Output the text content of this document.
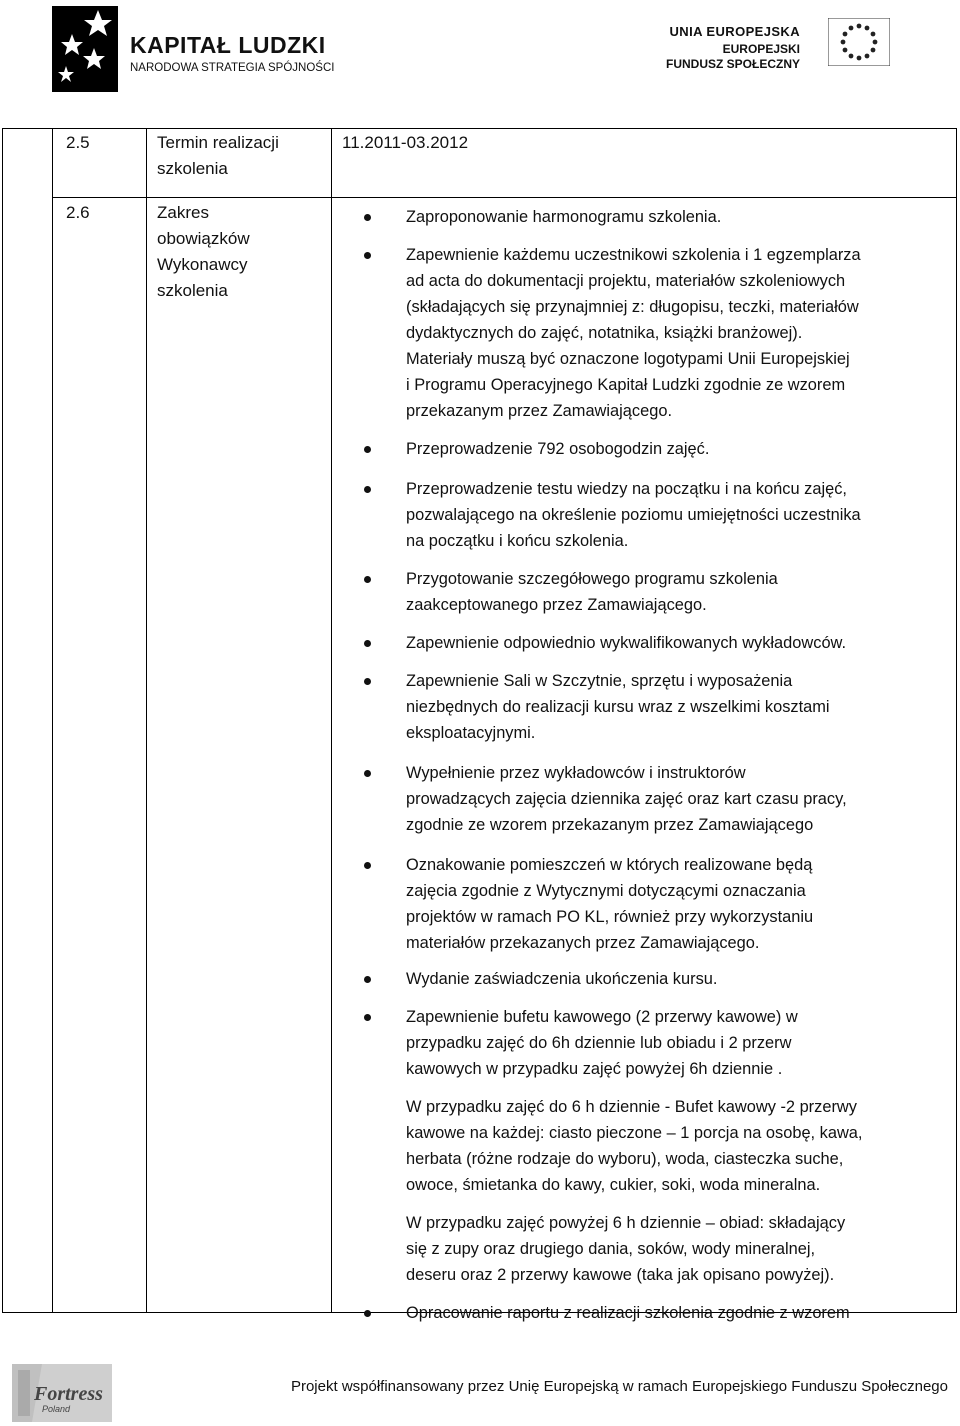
KAPITAŁ LUDZKI
NARODOWA STRATEGIA SPÓJNOŚCI
UNIA EUROPEJSKA
EUROPEJSKI
FUNDUSZ SPOŁECZNY
2.5	Termin realizacji
szkolenia
11.2011-03.2012
2.6	Zakres
obowiązków
Wykonawcy
szkolenia
Zaproponowanie harmonogramu szkolenia.
Zapewnienie każdemu uczestnikowi szkolenia i 1 egzemplarza
ad acta do dokumentacji projektu, materiałów szkoleniowych
(składających się przynajmniej z: długopisu, teczki, materiałów
dydaktycznych do zajęć, notatnika, książki branżowej).
Materiały muszą być oznaczone logotypami Unii Europejskiej
i Programu Operacyjnego Kapitał Ludzki zgodnie ze wzorem
przekazanym przez Zamawiającego.
Przeprowadzenie 792 osobogodzin zajęć.
Przeprowadzenie testu wiedzy na początku i na końcu zajęć,
pozwalającego na określenie poziomu umiejętności uczestnika
na początku i końcu szkolenia.
Przygotowanie szczegółowego programu szkolenia
zaakceptowanego przez Zamawiającego.
Zapewnienie odpowiednio wykwalifikowanych wykładowców.
Zapewnienie Sali w Szczytnie, sprzętu i wyposażenia
niezbędnych do realizacji kursu wraz z wszelkimi kosztami
eksploatacyjnymi.
Wypełnienie przez wykładowców i instruktorów
prowadzących zajęcia dziennika zajęć oraz kart czasu pracy,
zgodnie ze wzorem przekazanym przez Zamawiającego
Oznakowanie pomieszczeń w których realizowane będą
zajęcia zgodnie z Wytycznymi dotyczącymi oznaczania
projektów w ramach PO KL, również przy wykorzystaniu
materiałów przekazanych przez Zamawiającego.
Wydanie zaświadczenia ukończenia kursu.
Zapewnienie bufetu kawowego (2 przerwy kawowe) w
przypadku zajęć do 6h dziennie lub obiadu i 2 przerw
kawowych w przypadku zajęć powyżej 6h dziennie .
W przypadku zajęć do 6 h dziennie - Bufet kawowy -2 przerwy
kawowe na każdej: ciasto pieczone – 1 porcja na osobę, kawa,
herbata (różne rodzaje do wyboru), woda, ciasteczka suche,
owoce, śmietanka do kawy, cukier, soki, woda mineralna.
W przypadku zajęć powyżej 6 h dziennie – obiad: składający
się z zupy oraz drugiego dania, soków, wody mineralnej,
deseru oraz 2 przerwy kawowe (taka jak opisano powyżej).
Opracowanie raportu z realizacji szkolenia zgodnie z wzorem
Fortress
Poland
Projekt współfinansowany przez Unię Europejską w ramach Europejskiego Funduszu Społecznego
